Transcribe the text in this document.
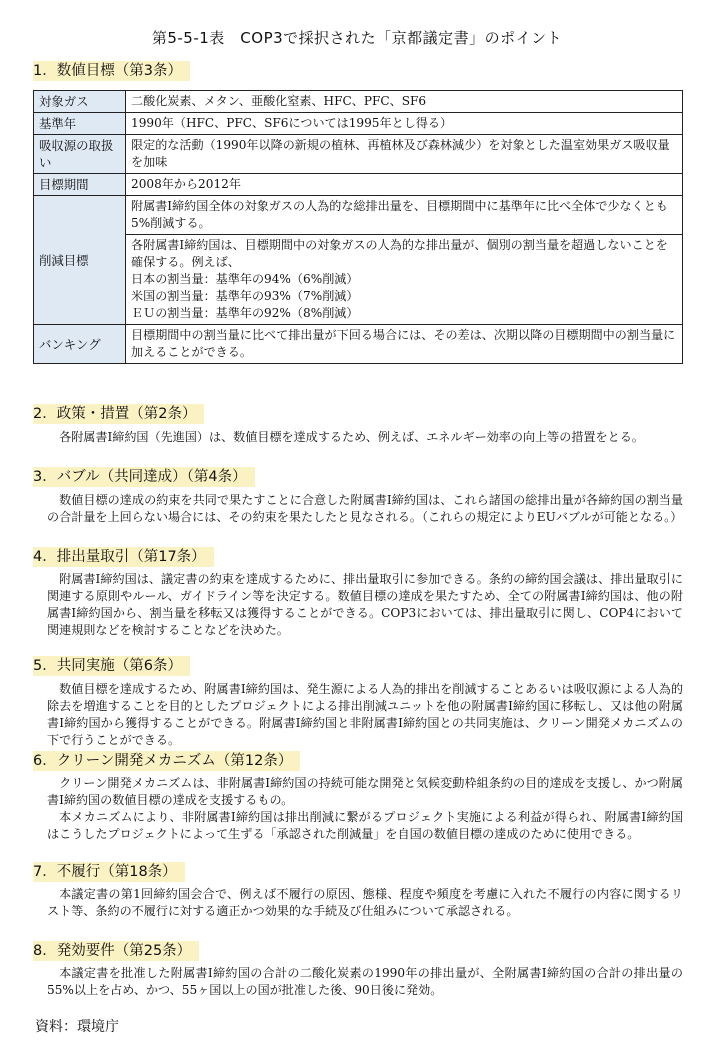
第5-5-1表　COP3で採択された「京都議定書」のポイント
1．数値目標（第3条）
対象ガス	二酸化炭素、メタン、亜酸化窒素、HFC、PFC、SF6
基準年	1990年（HFC、PFC、SF6については1995年とし得る）
吸収源の取扱い	限定的な活動（1990年以降の新規の植林、再植林及び森林減少）を対象とした温室効果ガス吸収量を加味
目標期間	2008年から2012年
削減目標	附属書Ⅰ締約国全体の対象ガスの人為的な総排出量を、目標期間中に基準年に比べ全体で少なくとも5%削減する。

	各附属書Ⅰ締約国は、目標期間中の対象ガスの人為的な排出量が、個別の割当量を超過しないことを確保する。例えば、
日本の割当量：基準年の94%（6%削減）
米国の割当量：基準年の93%（7%削減）
ＥＵの割当量：基準年の92%（8%削減）

バンキング	目標期間中の割当量に比べて排出量が下回る場合には、その差は、次期以降の目標期間中の割当量に加えることができる。
2．政策・措置（第2条）
各附属書Ⅰ締約国（先進国）は、数値目標を達成するため、例えば、エネルギー効率の向上等の措置をとる。
3．バブル（共同達成）（第4条）
数値目標の達成の約束を共同で果たすことに合意した附属書Ⅰ締約国は、これら諸国の総排出量が各締約国の割当量の合計量を上回らない場合には、その約束を果たしたと見なされる。（これらの規定によりEUバブルが可能となる。）
4．排出量取引（第17条）
附属書Ⅰ締約国は、議定書の約束を達成するために、排出量取引に参加できる。条約の締約国会議は、排出量取引に関連する原則やルール、ガイドライン等を決定する。数値目標の達成を果たすため、全ての附属書Ⅰ締約国は、他の附属書Ⅰ締約国から、割当量を移転又は獲得することができる。COP3においては、排出量取引に関し、COP4において関連規則などを検討することなどを決めた。
5．共同実施（第6条）
数値目標を達成するため、附属書Ⅰ締約国は、発生源による人為的排出を削減することあるいは吸収源による人為的除去を増進することを目的としたプロジェクトによる排出削減ユニットを他の附属書Ⅰ締約国に移転し、又は他の附属書Ⅰ締約国から獲得することができる。附属書Ⅰ締約国と非附属書Ⅰ締約国との共同実施は、クリーン開発メカニズムの下で行うことができる。
6．クリーン開発メカニズム（第12条）

クリーン開発メカニズムは、非附属書Ⅰ締約国の持続可能な開発と気候変動枠組条約の目的達成を支援し、かつ附属書Ⅰ締約国の数値目標の達成を支援するもの。

本メカニズムにより、非附属書Ⅰ締約国は排出削減に繋がるプロジェクト実施による利益が得られ、附属書Ⅰ締約国はこうしたプロジェクトによって生ずる「承認された削減量」を自国の数値目標の達成のために使用できる。

7．不履行（第18条）
本議定書の第1回締約国会合で、例えば不履行の原因、態様、程度や頻度を考慮に入れた不履行の内容に関するリスト等、条約の不履行に対する適正かつ効果的な手続及び仕組みについて承認される。
8．発効要件（第25条）
本議定書を批准した附属書Ⅰ締約国の合計の二酸化炭素の1990年の排出量が、全附属書Ⅰ締約国の合計の排出量の55%以上を占め、かつ、55ヶ国以上の国が批准した後、90日後に発効。
資料：環境庁
